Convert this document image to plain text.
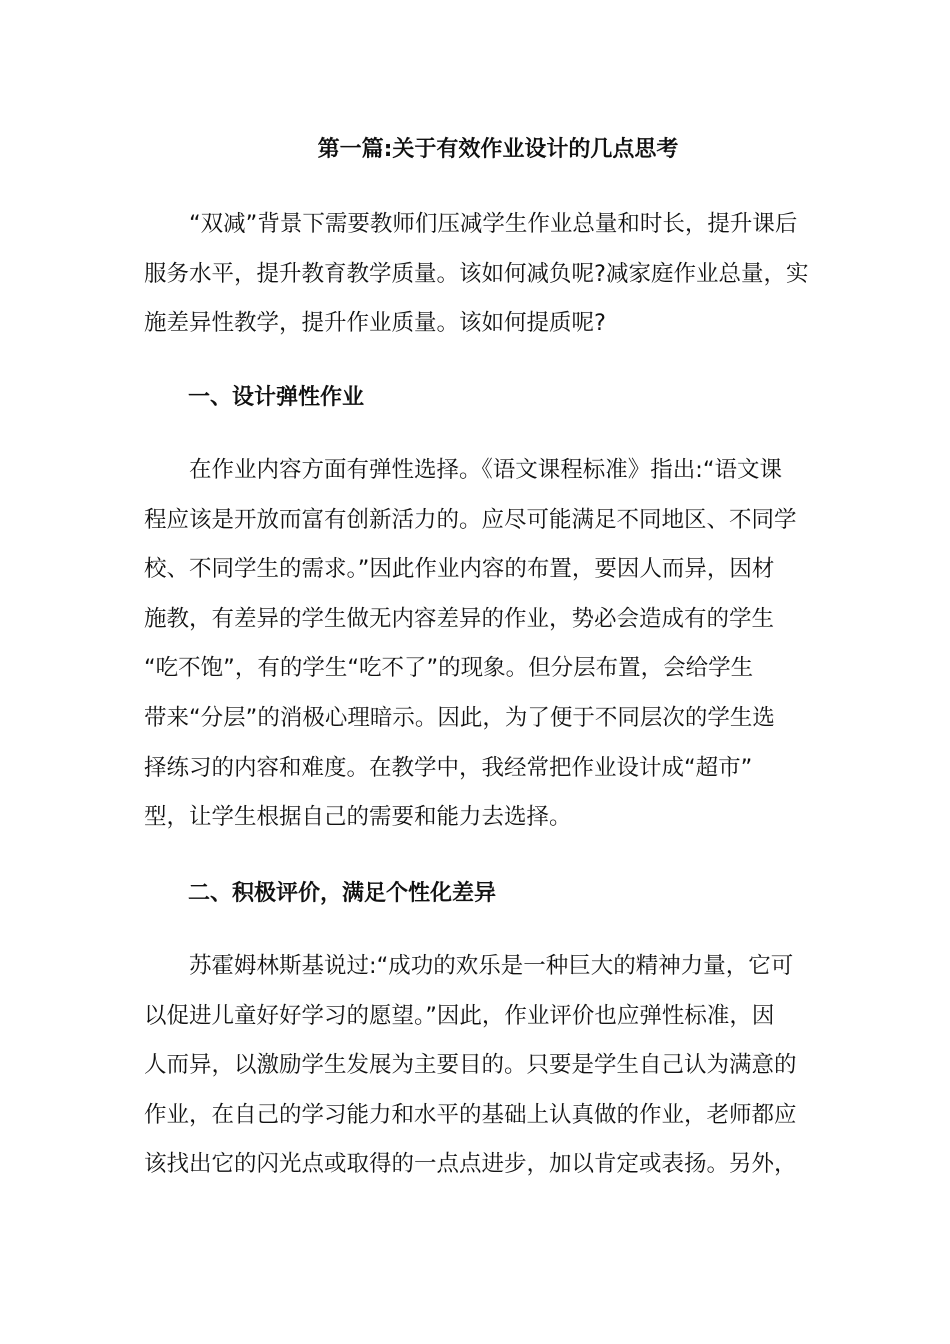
第一篇:关于有效作业设计的几点思考

　　“双减”背景下需要教师们压减学生作业总量和时长，提升课后
服务水平，提升教育教学质量。该如何减负呢?减家庭作业总量，实
施差异性教学，提升作业质量。该如何提质呢?

一、设计弹性作业

　　在作业内容方面有弹性选择。《语文课程标准》指出:“语文课
程应该是开放而富有创新活力的。应尽可能满足不同地区、不同学
校、不同学生的需求。”因此作业内容的布置，要因人而异，因材
施教，有差异的学生做无内容差异的作业，势必会造成有的学生
“吃不饱”，有的学生“吃不了”的现象。但分层布置，会给学生
带来“分层”的消极心理暗示。因此，为了便于不同层次的学生选
择练习的内容和难度。在教学中，我经常把作业设计成“超市”
型，让学生根据自己的需要和能力去选择。

二、积极评价，满足个性化差异

　　苏霍姆林斯基说过:“成功的欢乐是一种巨大的精神力量，它可
以促进儿童好好学习的愿望。”因此，作业评价也应弹性标准，因
人而异，以激励学生发展为主要目的。只要是学生自己认为满意的
作业，在自己的学习能力和水平的基础上认真做的作业，老师都应
该找出它的闪光点或取得的一点点进步，加以肯定或表扬。另外，
